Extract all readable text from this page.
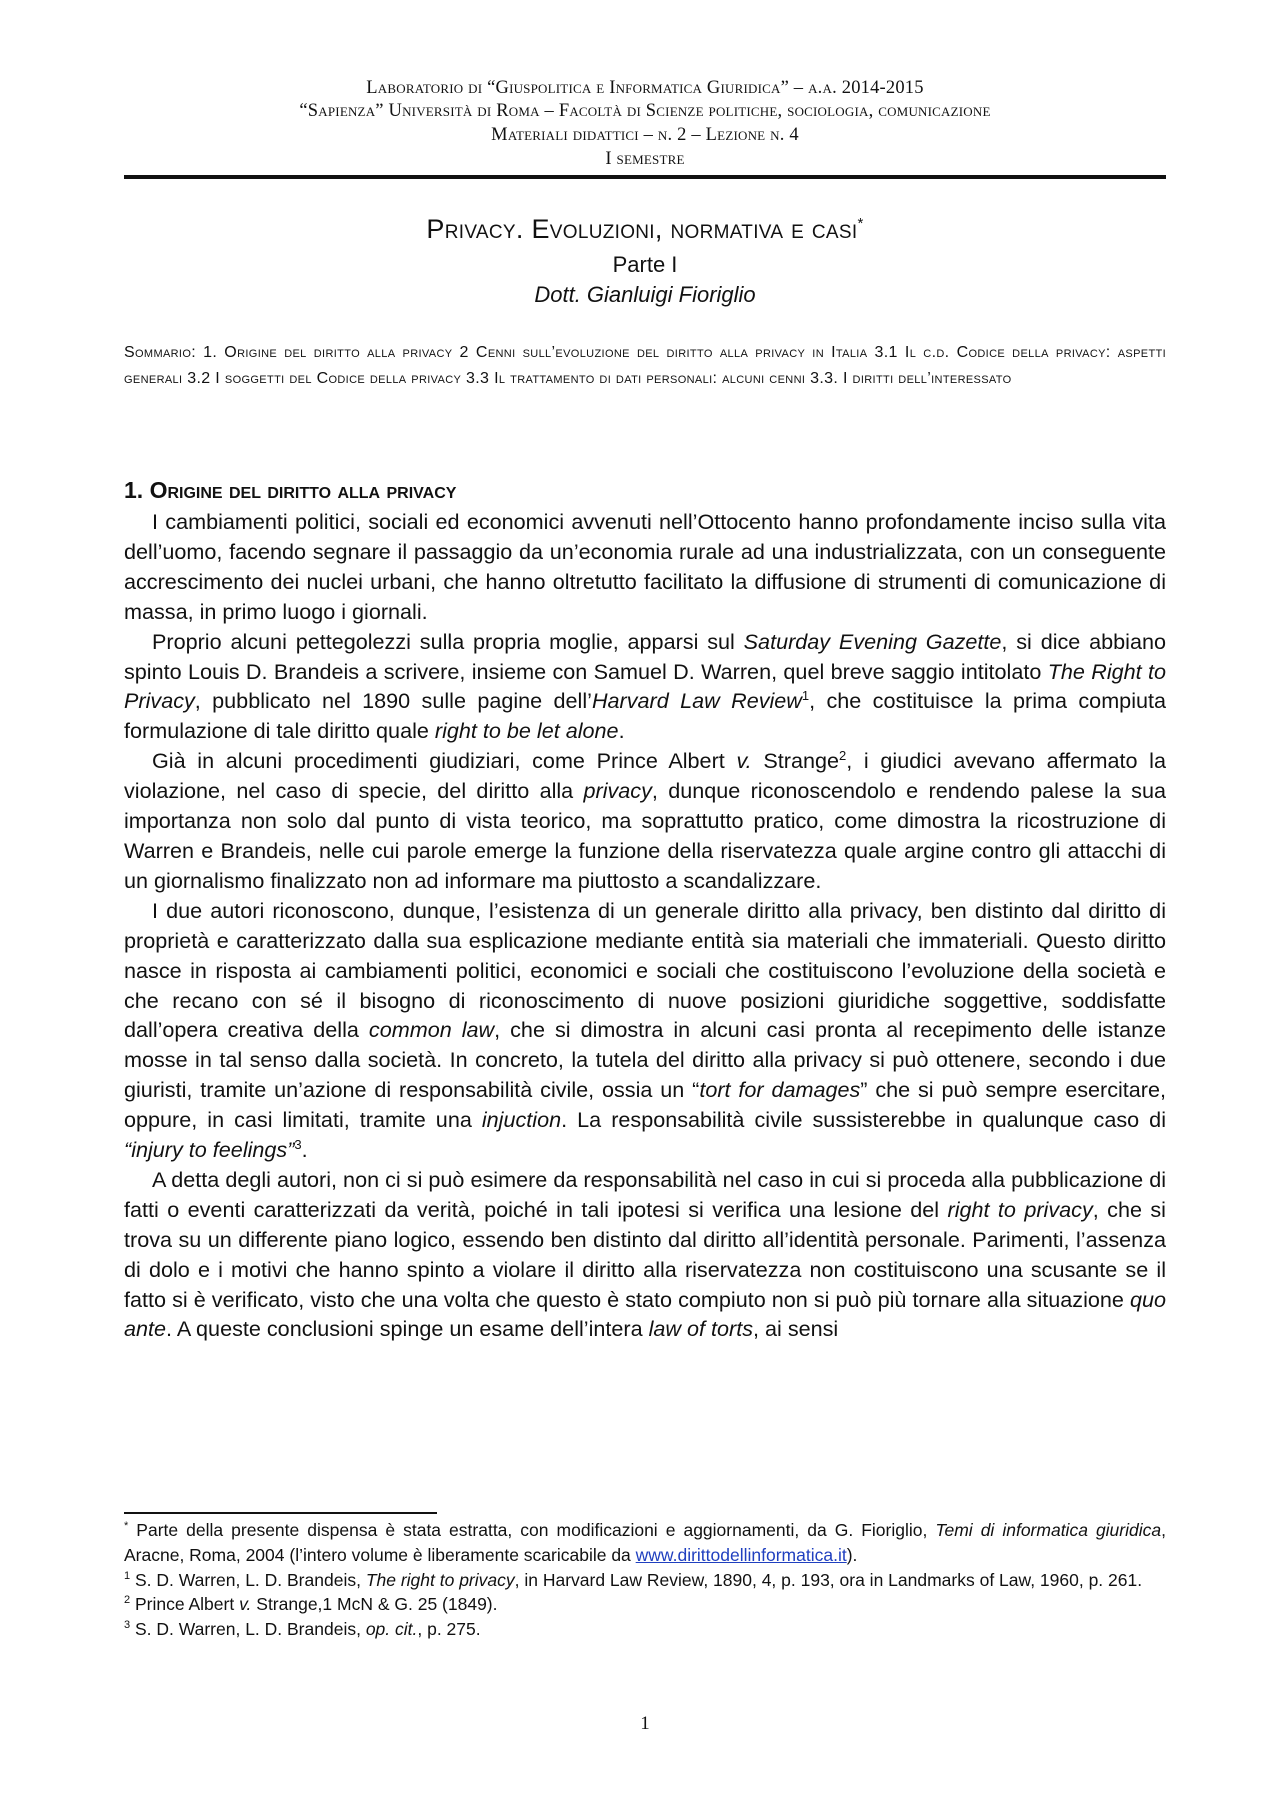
Laboratorio di “Giuspolitica e Informatica Giuridica” – a.a. 2014-2015
“Sapienza” Università di Roma – Facoltà di Scienze politiche, sociologia, comunicazione
Materiali didattici – n. 2 – Lezione n. 4
I semestre
Privacy. Evoluzioni, normativa e casi*
Parte I
Dott. Gianluigi Fioriglio
Sommario: 1. Origine del diritto alla privacy 2 Cenni sull’evoluzione del diritto alla privacy in Italia 3.1 Il c.d. Codice della privacy: aspetti generali 3.2 I soggetti del Codice della privacy 3.3 Il trattamento di dati personali: alcuni cenni 3.3. I diritti dell’interessato
1. Origine del diritto alla privacy

I cambiamenti politici, sociali ed economici avvenuti nell’Ottocento hanno profondamente inciso sulla vita dell’uomo, facendo segnare il passaggio da un’economia rurale ad una industrializzata, con un conseguente accrescimento dei nuclei urbani, che hanno oltretutto facilitato la diffusione di strumenti di comunicazione di massa, in primo luogo i giornali.

Proprio alcuni pettegolezzi sulla propria moglie, apparsi sul Saturday Evening Gazette, si dice abbiano spinto Louis D. Brandeis a scrivere, insieme con Samuel D. Warren, quel breve saggio intitolato The Right to Privacy, pubblicato nel 1890 sulle pagine dell’Harvard Law Review$^1$, che costituisce la prima compiuta formulazione di tale diritto quale right to be let alone.

Già in alcuni procedimenti giudiziari, come Prince Albert v. Strange$^2$, i giudici avevano affermato la violazione, nel caso di specie, del diritto alla privacy, dunque riconoscendolo e rendendo palese la sua importanza non solo dal punto di vista teorico, ma soprattutto pratico, come dimostra la ricostruzione di Warren e Brandeis, nelle cui parole emerge la funzione della riservatezza quale argine contro gli attacchi di un giornalismo finalizzato non ad informare ma piuttosto a scandalizzare.

I due autori riconoscono, dunque, l’esistenza di un generale diritto alla privacy, ben distinto dal diritto di proprietà e caratterizzato dalla sua esplicazione mediante entità sia materiali che immateriali. Questo diritto nasce in risposta ai cambiamenti politici, economici e sociali che costituiscono l’evoluzione della società e che recano con sé il bisogno di riconoscimento di nuove posizioni giuridiche soggettive, soddisfatte dall’opera creativa della common law, che si dimostra in alcuni casi pronta al recepimento delle istanze mosse in tal senso dalla società. In concreto, la tutela del diritto alla privacy si può ottenere, secondo i due giuristi, tramite un’azione di responsabilità civile, ossia un “tort for damages” che si può sempre esercitare, oppure, in casi limitati, tramite una injuction. La responsabilità civile sussisterebbe in qualunque caso di “injury to feelings”$^3$.

A detta degli autori, non ci si può esimere da responsabilità nel caso in cui si proceda alla pubblicazione di fatti o eventi caratterizzati da verità, poiché in tali ipotesi si verifica una lesione del right to privacy, che si trova su un differente piano logico, essendo ben distinto dal diritto all’identità personale. Parimenti, l’assenza di dolo e i motivi che hanno spinto a violare il diritto alla riservatezza non costituiscono una scusante se il fatto si è verificato, visto che una volta che questo è stato compiuto non si può più tornare alla situazione quo ante. A queste conclusioni spinge un esame dell’intera law of torts, ai sensi

* Parte della presente dispensa è stata estratta, con modificazioni e aggiornamenti, da G. Fioriglio, Temi di informatica giuridica, Aracne, Roma, 2004 (l’intero volume è liberamente scaricabile da www.dirittodellinformatica.it).

$^1$ S. D. Warren, L. D. Brandeis, The right to privacy, in Harvard Law Review, 1890, 4, p. 193, ora in Landmarks of Law, 1960, p. 261.

$^2$ Prince Albert v. Strange,1 McN & G. 25 (1849).

$^3$ S. D. Warren, L. D. Brandeis, op. cit., p. 275.

1
